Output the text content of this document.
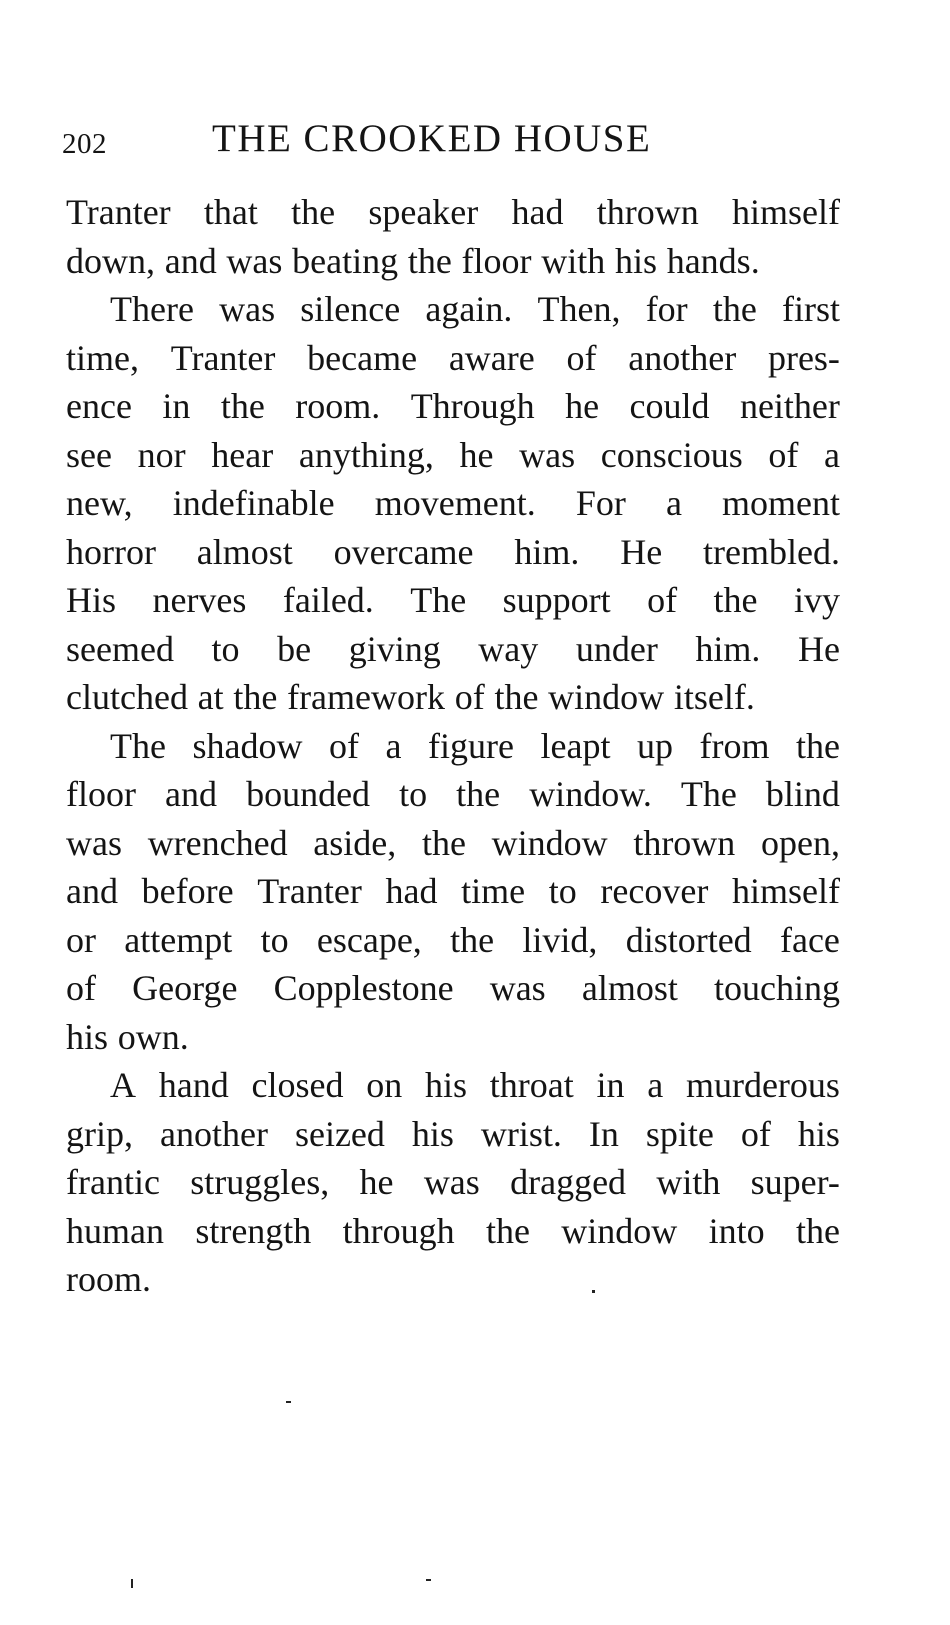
202	THE CROOKED HOUSE
Tranter that the speaker had thrown himself
down, and was beating the floor with his hands.
There was silence again. Then, for the first
time, Tranter became aware of another pres-
ence in the room. Through he could neither
see nor hear anything, he was conscious of a
new, indefinable movement. For a moment
horror almost overcame him. He trembled.
His nerves failed. The support of the ivy
seemed to be giving way under him. He
clutched at the framework of the window itself.
The shadow of a figure leapt up from the
floor and bounded to the window. The blind
was wrenched aside, the window thrown open,
and before Tranter had time to recover himself
or attempt to escape, the livid, distorted face
of George Copplestone was almost touching
his own.
A hand closed on his throat in a murderous
grip, another seized his wrist. In spite of his
frantic struggles, he was dragged with super-
human strength through the window into the
room.
